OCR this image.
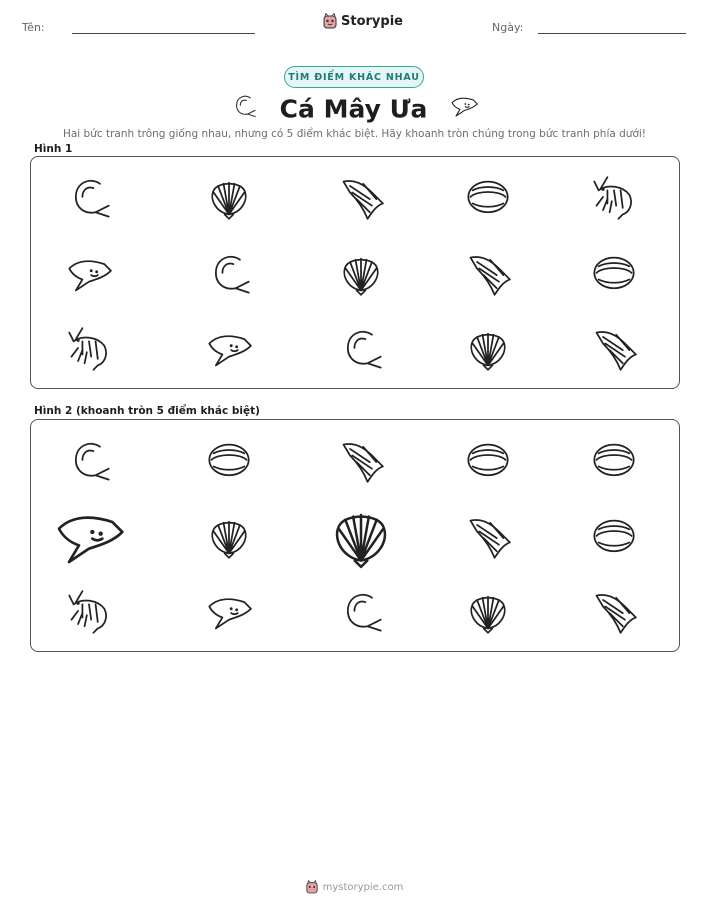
Tên:	Storypie	Ngày:
TÌM ĐIỂM KHÁC NHAU
Cá Mây Ưa
Hai bức tranh trông giống nhau, nhưng có 5 điểm khác biệt. Hãy khoanh tròn chúng trong bức tranh phía dưới!
Hình 1
Hình 2 (khoanh tròn 5 điểm khác biệt)
mystorypie.com
